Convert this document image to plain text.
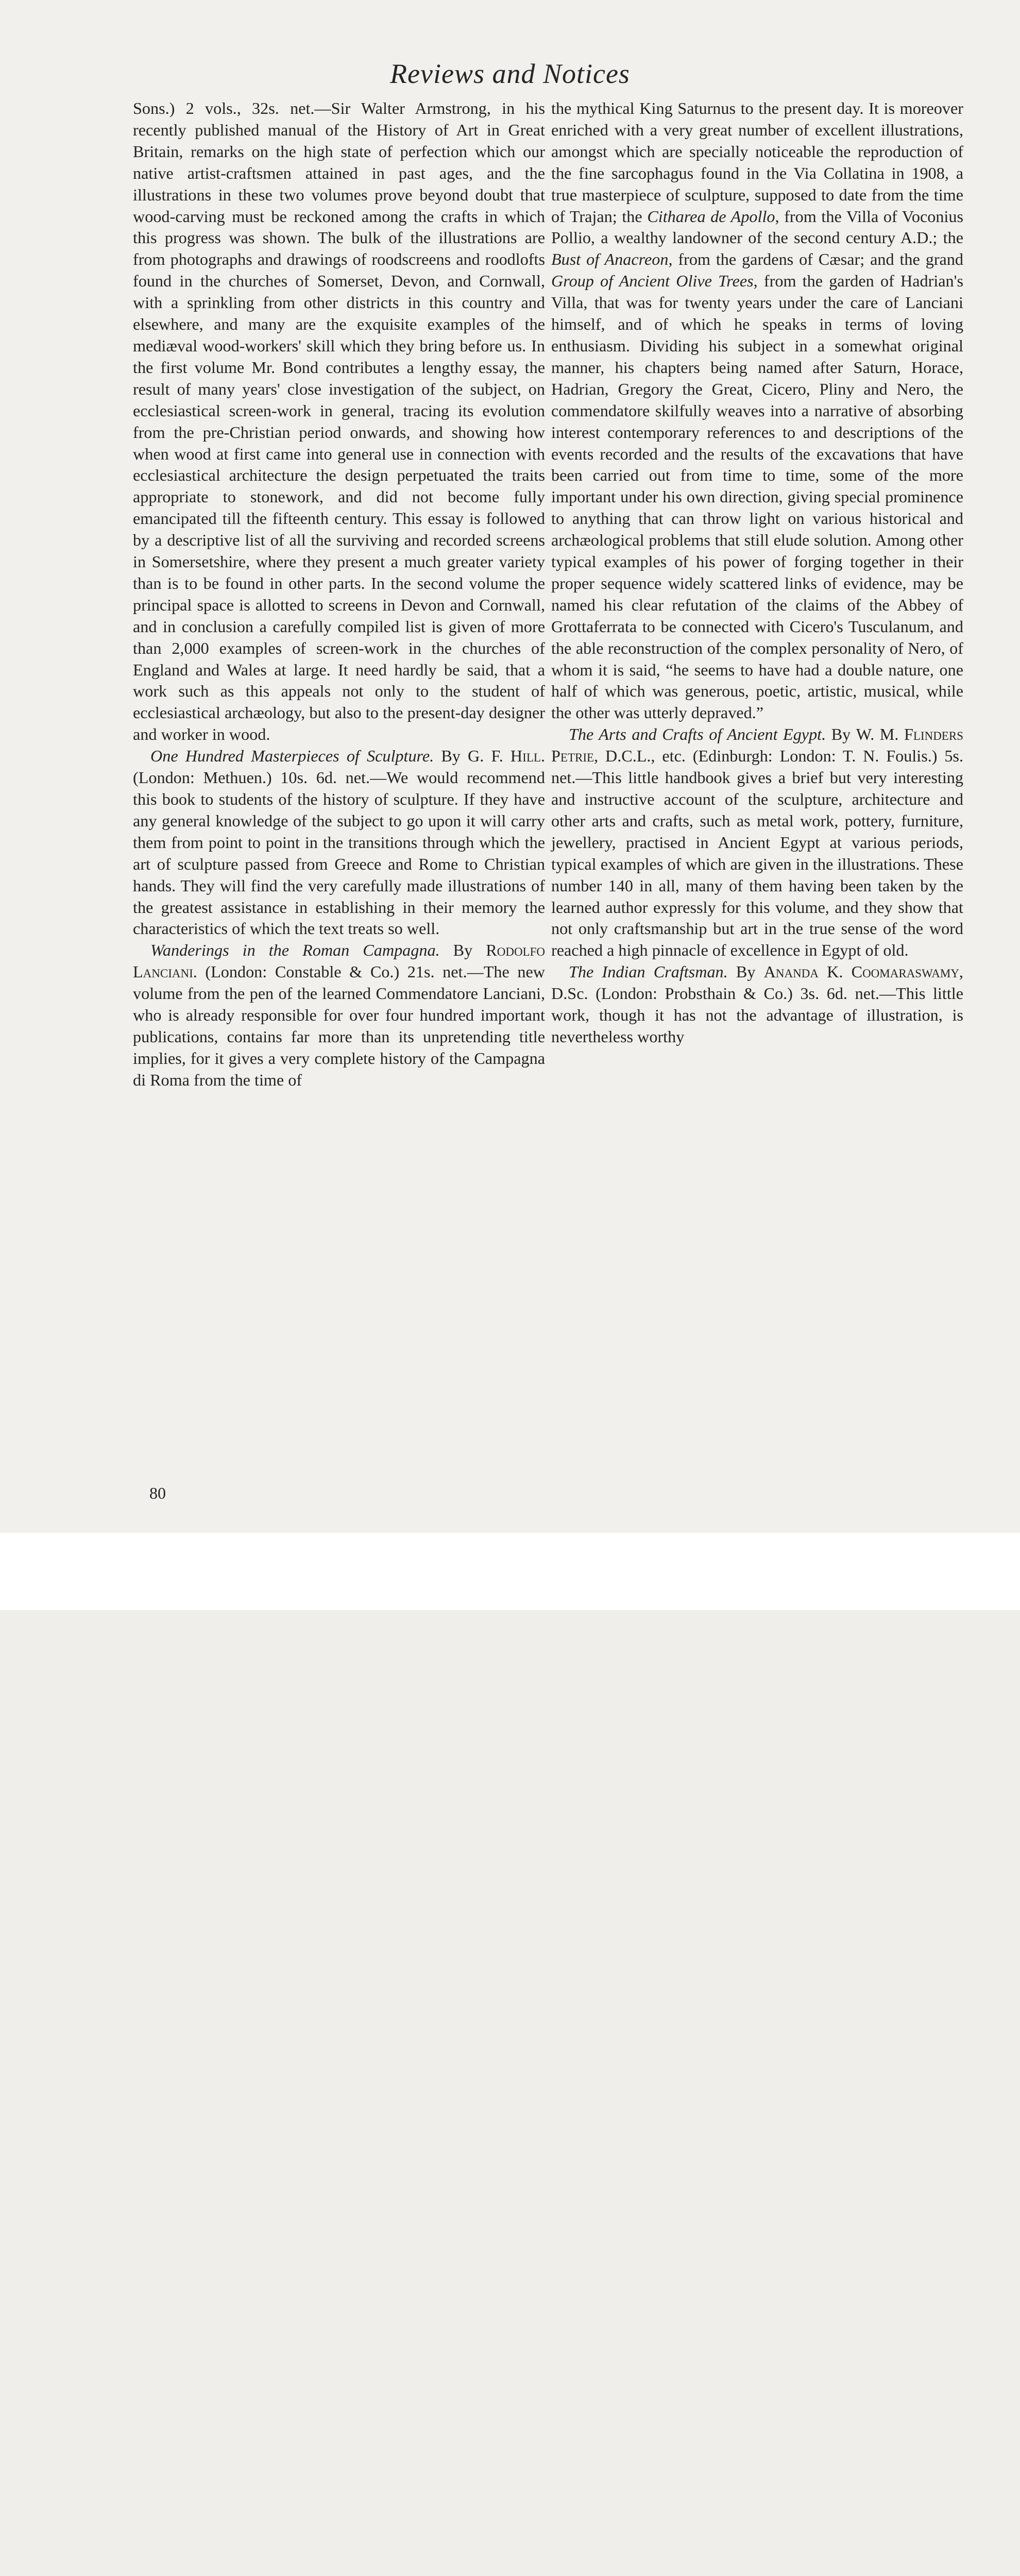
Reviews and Notices

Sons.) 2 vols., 32s. net.—Sir Walter Armstrong, in his recently published manual of the History of Art in Great Britain, remarks on the high state of perfection which our native artist-craftsmen attained in past ages, and the illustrations in these two volumes prove beyond doubt that wood-carving must be reckoned among the crafts in which this progress was shown. The bulk of the illustrations are from photographs and drawings of roodscreens and roodlofts found in the churches of Somerset, Devon, and Cornwall, with a sprinkling from other districts in this country and elsewhere, and many are the exquisite examples of the mediæval wood-workers' skill which they bring before us. In the first volume Mr. Bond contributes a lengthy essay, the result of many years' close investigation of the subject, on ecclesiastical screen-work in general, tracing its evolution from the pre-Christian period onwards, and showing how when wood at first came into general use in connection with ecclesiastical architecture the design perpetuated the traits appropriate to stonework, and did not become fully emancipated till the fifteenth century. This essay is followed by a descriptive list of all the surviving and recorded screens in Somersetshire, where they present a much greater variety than is to be found in other parts. In the second volume the principal space is allotted to screens in Devon and Cornwall, and in conclusion a carefully compiled list is given of more than 2,000 examples of screen-work in the churches of England and Wales at large. It need hardly be said, that a work such as this appeals not only to the student of ecclesiastical archæology, but also to the present-day designer and worker in wood.

One Hundred Masterpieces of Sculpture. By G. F. Hill. (London: Methuen.) 10s. 6d. net.—We would recommend this book to students of the history of sculpture. If they have any general knowledge of the subject to go upon it will carry them from point to point in the transitions through which the art of sculpture passed from Greece and Rome to Christian hands. They will find the very carefully made illustrations of the greatest assistance in establishing in their memory the characteristics of which the text treats so well.

Wanderings in the Roman Campagna. By Rodolfo Lanciani. (London: Constable & Co.) 21s. net.—The new volume from the pen of the learned Commendatore Lanciani, who is already responsible for over four hundred important publications, contains far more than its unpretending title implies, for it gives a very complete history of the Campagna di Roma from the time of

the mythical King Saturnus to the present day. It is moreover enriched with a very great number of excellent illustrations, amongst which are specially noticeable the reproduction of the fine sarcophagus found in the Via Collatina in 1908, a true masterpiece of sculpture, supposed to date from the time of Trajan; the Citharea de Apollo, from the Villa of Voconius Pollio, a wealthy landowner of the second century A.D.; the Bust of Anacreon, from the gardens of Cæsar; and the grand Group of Ancient Olive Trees, from the garden of Hadrian's Villa, that was for twenty years under the care of Lanciani himself, and of which he speaks in terms of loving enthusiasm. Dividing his subject in a somewhat original manner, his chapters being named after Saturn, Horace, Hadrian, Gregory the Great, Cicero, Pliny and Nero, the commendatore skilfully weaves into a narrative of absorbing interest contemporary references to and descriptions of the events recorded and the results of the excavations that have been carried out from time to time, some of the more important under his own direction, giving special prominence to anything that can throw light on various historical and archæological problems that still elude solution. Among other typical examples of his power of forging together in their proper sequence widely scattered links of evidence, may be named his clear refutation of the claims of the Abbey of Grottaferrata to be connected with Cicero's Tusculanum, and the able reconstruction of the complex personality of Nero, of whom it is said, “he seems to have had a double nature, one half of which was generous, poetic, artistic, musical, while the other was utterly depraved.”

The Arts and Crafts of Ancient Egypt. By W. M. Flinders Petrie, D.C.L., etc. (Edinburgh: London: T. N. Foulis.) 5s. net.—This little handbook gives a brief but very interesting and instructive account of the sculpture, architecture and other arts and crafts, such as metal work, pottery, furniture, jewellery, practised in Ancient Egypt at various periods, typical examples of which are given in the illustrations. These number 140 in all, many of them having been taken by the learned author expressly for this volume, and they show that not only craftsmanship but art in the true sense of the word reached a high pinnacle of excellence in Egypt of old.

The Indian Craftsman. By Ananda K. Coomaraswamy, D.Sc. (London: Probsthain & Co.) 3s. 6d. net.—This little work, though it has not the advantage of illustration, is nevertheless worthy

80
